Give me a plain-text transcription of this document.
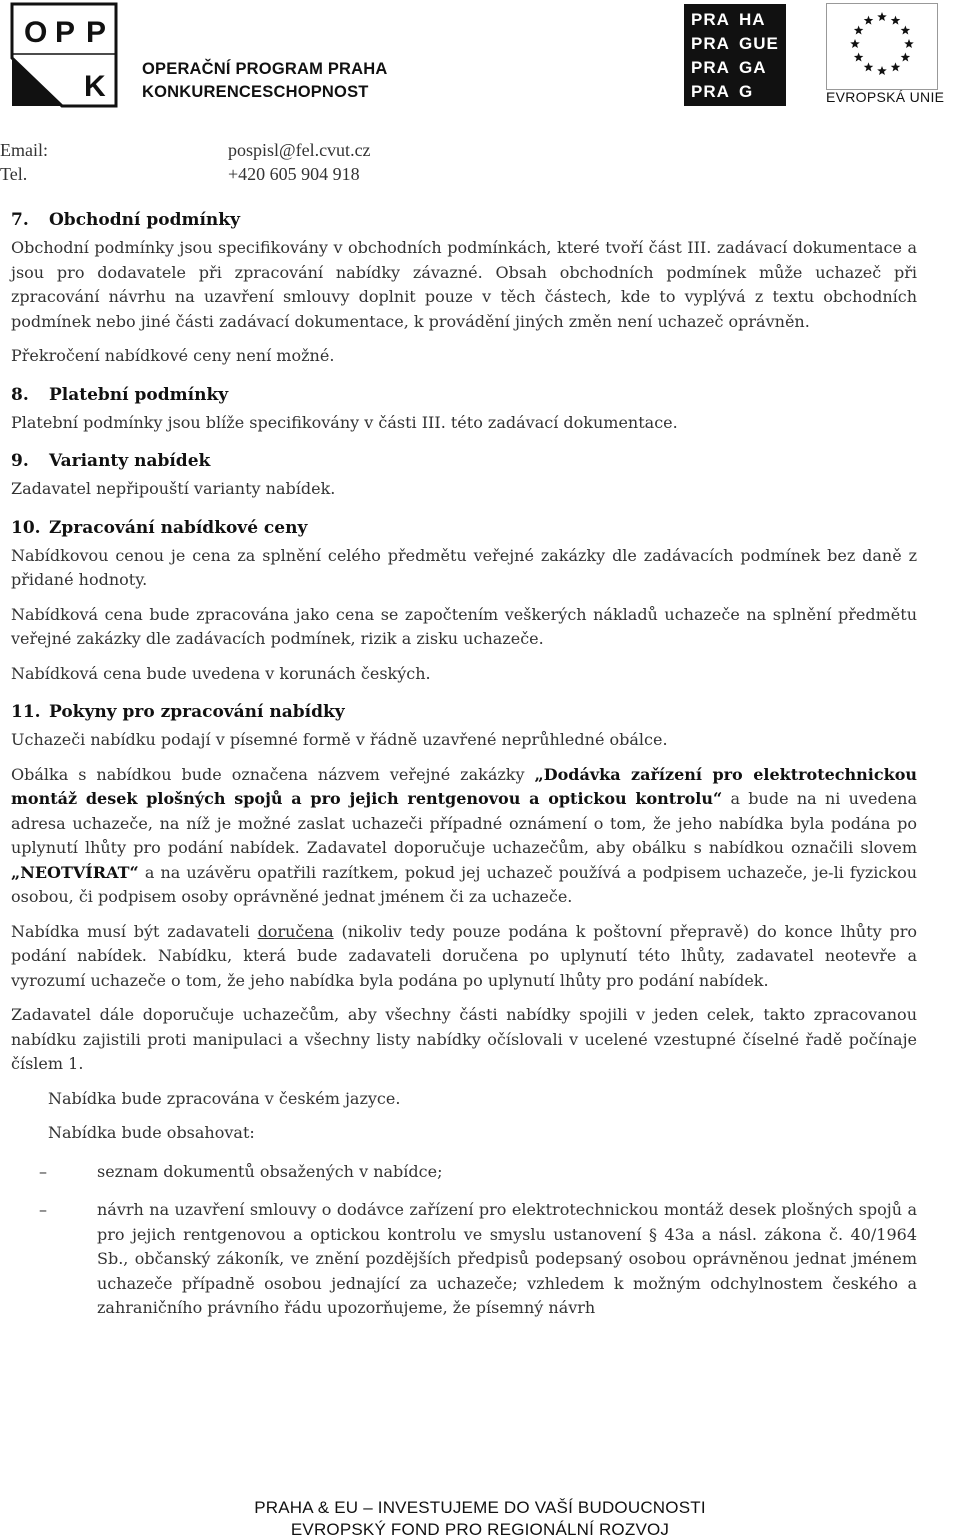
O P P
K
OPERAČNÍ PROGRAM PRAHA
KONKURENCESCHOPNOST
PRA HA
PRA GUE
PRA GA
PRA G	EVROPSKÁ UNIE
Email:	pospisl@fel.cvut.cz
Tel.	+420 605 904 918

7. Obchodní podmínky

Obchodní podmínky jsou specifikovány v obchodních podmínkách, které tvoří část III. zadávací dokumentace a jsou pro dodavatele při zpracování nabídky závazné. Obsah obchodních podmínek může uchazeč při zpracování návrhu na uzavření smlouvy doplnit pouze v těch částech, kde to vyplývá z textu obchodních podmínek nebo jiné části zadávací dokumentace, k provádění jiných změn není uchazeč oprávněn.

Překročení nabídkové ceny není možné.

8. Platební podmínky

Platební podmínky jsou blíže specifikovány v části III. této zadávací dokumentace.

9. Varianty nabídek

Zadavatel nepřipouští varianty nabídek.

10. Zpracování nabídkové ceny

Nabídkovou cenou je cena za splnění celého předmětu veřejné zakázky dle zadávacích podmínek bez daně z přidané hodnoty.

Nabídková cena bude zpracována jako cena se započtením veškerých nákladů uchazeče na splnění předmětu veřejné zakázky dle zadávacích podmínek, rizik a zisku uchazeče.

Nabídková cena bude uvedena v korunách českých.

11. Pokyny pro zpracování nabídky

Uchazeči nabídku podají v písemné formě v řádně uzavřené neprůhledné obálce.

Obálka s nabídkou bude označena názvem veřejné zakázky „Dodávka zařízení pro elektrotechnickou montáž desek plošných spojů a pro jejich rentgenovou a optickou kontrolu“ a bude na ni uvedena adresa uchazeče, na níž je možné zaslat uchazeči případné oznámení o tom, že jeho nabídka byla podána po uplynutí lhůty pro podání nabídek. Zadavatel doporučuje uchazečům, aby obálku s nabídkou označili slovem „NEOTVÍRAT“ a na uzávěru opatřili razítkem, pokud jej uchazeč používá a podpisem uchazeče, je-li fyzickou osobou, či podpisem osoby oprávněné jednat jménem či za uchazeče.

Nabídka musí být zadavateli doručena (nikoliv tedy pouze podána k poštovní přepravě) do konce lhůty pro podání nabídek. Nabídku, která bude zadavateli doručena po uplynutí této lhůty, zadavatel neotevře a vyrozumí uchazeče o tom, že jeho nabídka byla podána po uplynutí lhůty pro podání nabídek.

Zadavatel dále doporučuje uchazečům, aby všechny části nabídky spojili v jeden celek, takto zpracovanou nabídku zajistili proti manipulaci a všechny listy nabídky očíslovali v ucelené vzestupné číselné řadě počínaje číslem 1.

Nabídka bude zpracována v českém jazyce.

Nabídka bude obsahovat:

–	seznam dokumentů obsažených v nabídce;

–	návrh na uzavření smlouvy o dodávce zařízení pro elektrotechnickou montáž desek plošných spojů a pro jejich rentgenovou a optickou kontrolu ve smyslu ustanovení § 43a a násl. zákona č. 40/1964 Sb., občanský zákoník, ve znění pozdějších předpisů podepsaný osobou oprávněnou jednat jménem uchazeče případně osobou jednající za uchazeče; vzhledem k možným odchylnostem českého a zahraničního právního řádu upozorňujeme, že písemný návrh

PRAHA & EU – INVESTUJEME DO VAŠÍ BUDOUCNOSTI
EVROPSKÝ FOND PRO REGIONÁLNÍ ROZVOJ
